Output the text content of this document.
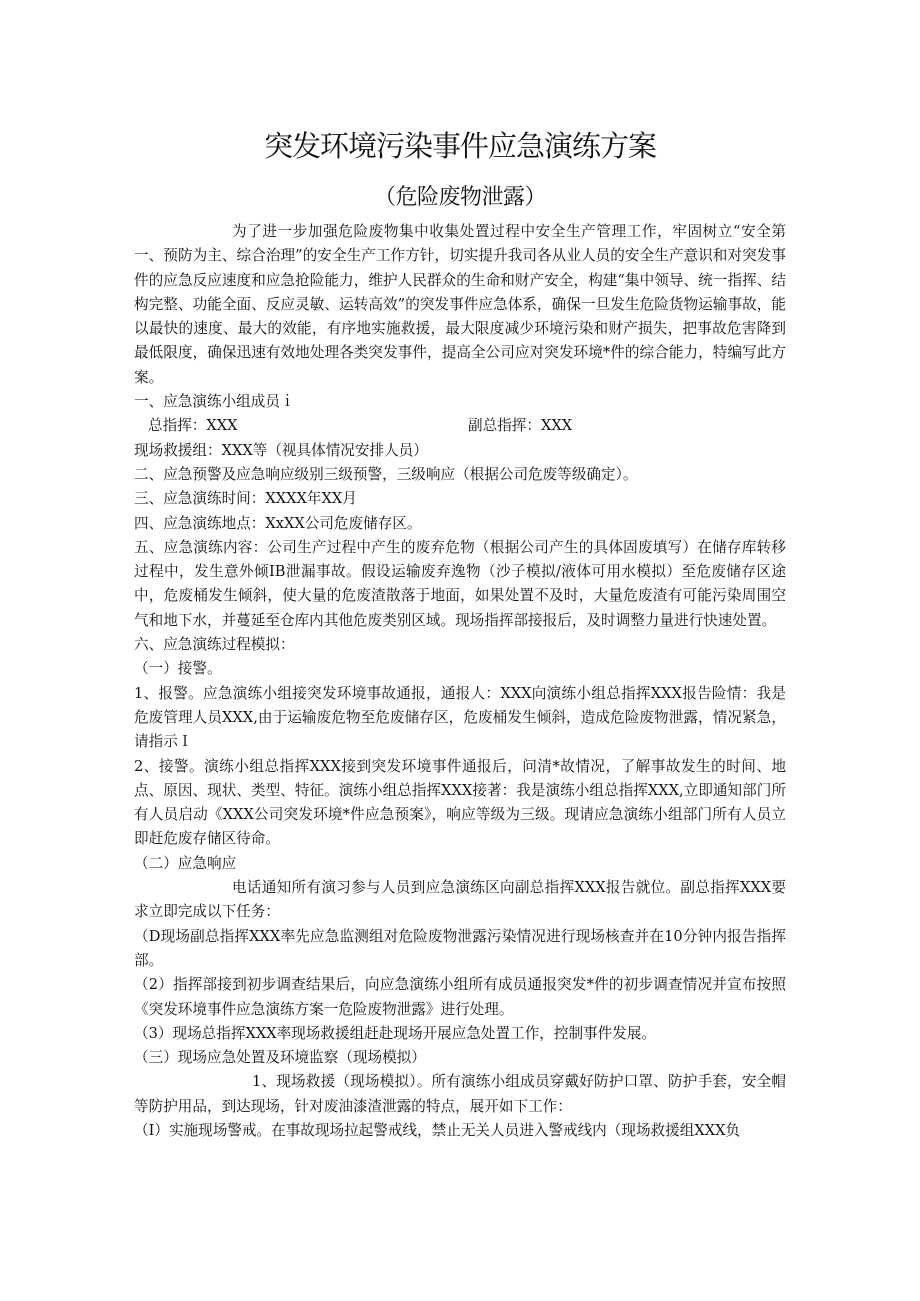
突发环境污染事件应急演练方案
（危险废物泄露）

为了进一步加强危险废物集中收集处置过程中安全生产管理工作，牢固树立“安全第一、预防为主、综合治理”的安全生产工作方针，切实提升我司各从业人员的安全生产意识和对突发事件的应急反应速度和应急抢险能力，维护人民群众的生命和财产安全，构建“集中领导、统一指挥、结构完整、功能全面、反应灵敏、运转高效”的突发事件应急体系，确保一旦发生危险货物运输事故，能以最快的速度、最大的效能，有序地实施救援，最大限度减少环境污染和财产损失，把事故危害降到最低限度，确保迅速有效地处理各类突发事件，提高全公司应对突发环境*件的综合能力，特编写此方案。

一、应急演练小组成员ｉ

总指挥：XXX	副总指挥：XXX

现场救援组：XXX等（视具体情况安排人员）

二、应急预警及应急响应级别三级预警，三级响应（根据公司危废等级确定）。

三、应急演练时间：XXXX年XX月

四、应急演练地点：XxXX公司危废储存区。

五、应急演练内容：公司生产过程中产生的废弃危物（根据公司产生的具体固废填写）在储存库转移过程中，发生意外倾IB泄漏事故。假设运输废弃逸物（沙子模拟/液体可用水模拟）至危废储存区途中，危废桶发生倾斜，使大量的危废渣散落于地面，如果处置不及时，大量危废渣有可能污染周围空气和地下水，并蔓延至仓库内其他危废类别区域。现场指挥部接报后，及时调整力量进行快速处置。

六、应急演练过程模拟：

（一）接警。

1、报警。应急演练小组接突发环境事故通报，通报人：XXX向演练小组总指挥XXX报告险情：我是危废管理人员XXX,由于运输废危物至危废储存区，危废桶发生倾斜，造成危险废物泄露，情况紧急，请指示Ｉ

2、接警。演练小组总指挥XXX接到突发环境事件通报后，问清*故情况，了解事故发生的时间、地点、原因、现状、类型、特征。演练小组总指挥XXX接著：我是演练小组总指挥XXX,立即通知部门所有人员启动《XXX公司突发环境*件应急预案》，响应等级为三级。现请应急演练小组部门所有人员立即赶危废存储区待命。

（二）应急响应

电话通知所有演习参与人员到应急演练区向副总指挥XXX报告就位。副总指挥XXX要求立即完成以下任务：

（D现场副总指挥XXX率先应急监测组对危险废物泄露污染情况进行现场核查并在10分钟内报告指挥部。

（2）指挥部接到初步调查结果后，向应急演练小组所有成员通报突发*件的初步调查情况并宣布按照《突发环境事件应急演练方案一危险废物泄露》进行处理。

（3）现场总指挥XXX率现场救援组赶赴现场开展应急处置工作，控制事件发展。

（三）现场应急处置及环境监察（现场模拟）

1、现场救援（现场模拟）。所有演练小组成员穿戴好防护口罩、防护手套，安全帽等防护用品，到达现场，针对废油漆渣泄露的特点，展开如下工作：

（I）实施现场警戒。在事故现场拉起警戒线，禁止无关人员进入警戒线内（现场救援组XXX负
